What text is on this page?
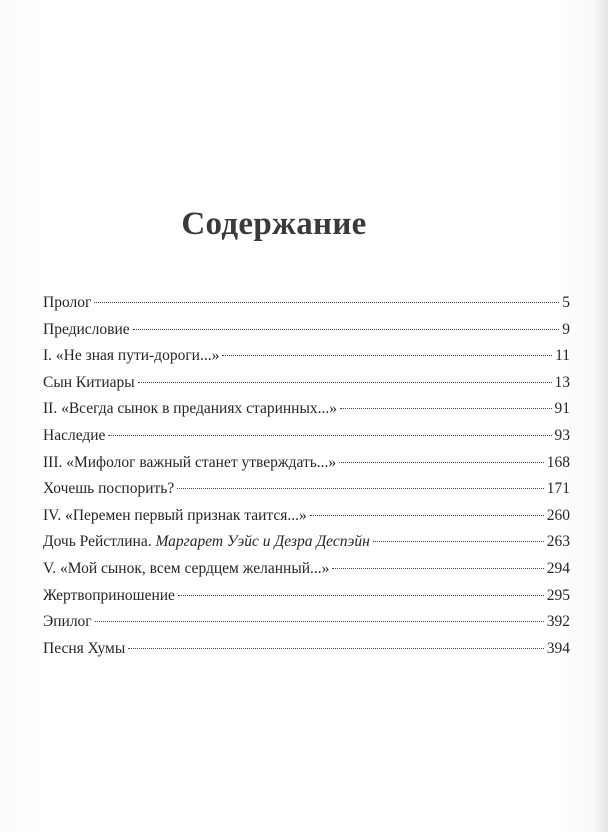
Содержание
Пролог	5
Предисловие	9
I. «Не зная пути-дороги...»	11
Сын Китиары	13
II. «Всегда сынок в преданиях старинных...»	91
Наследие	93
III. «Мифолог важный станет утверждать...»	168
Хочешь поспорить?	171
IV. «Перемен первый признак таится...»	260
Дочь Рейстлина. Маргарет Уэйс и Дезра Деспэйн	263
V. «Мой сынок, всем сердцем желанный...»	294
Жертвоприношение	295
Эпилог	392
Песня Хумы	394
